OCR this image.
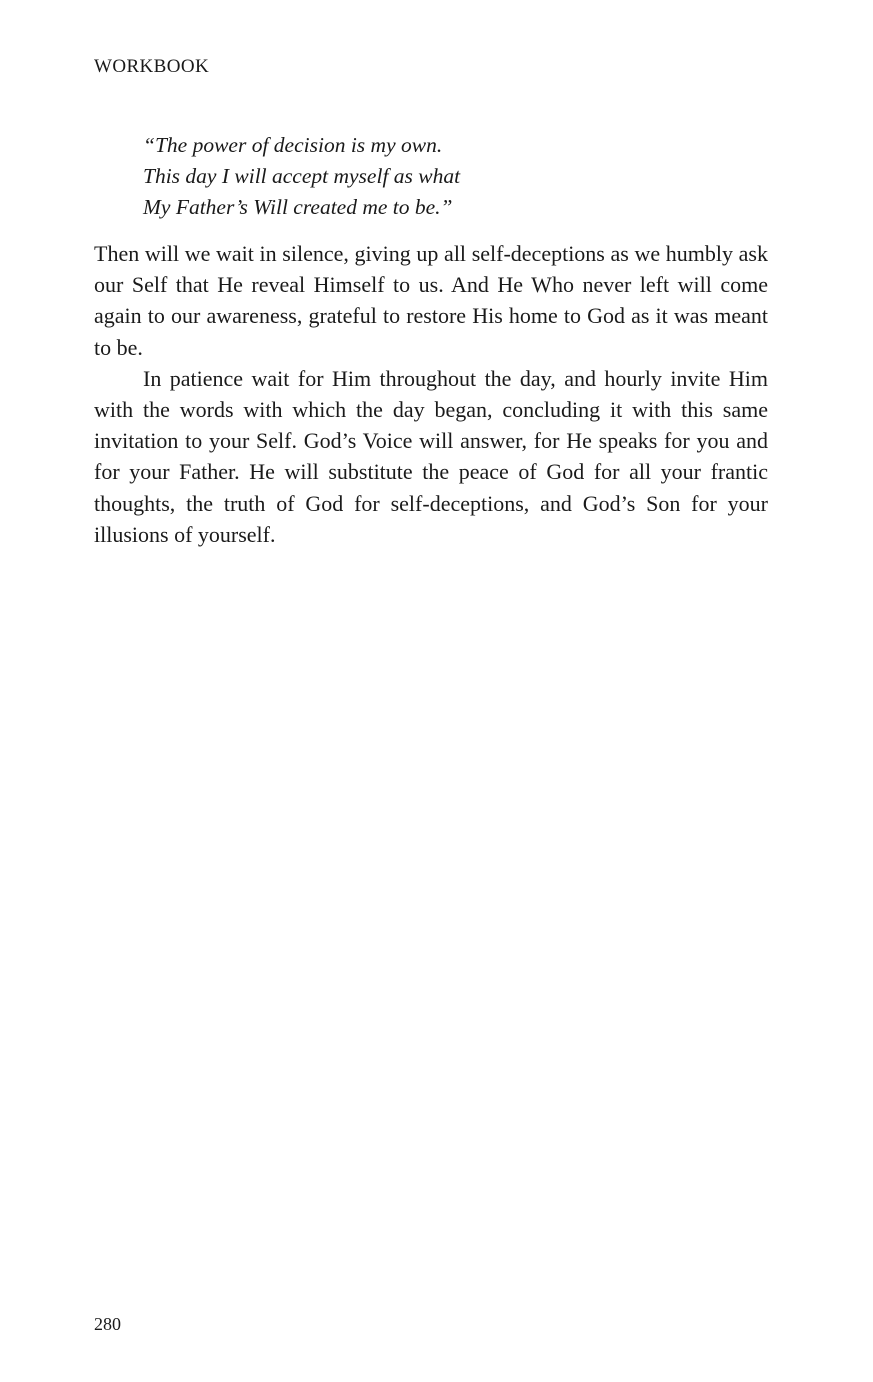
WORKBOOK
“The power of decision is my own.
This day I will accept myself as what
My Father’s Will created me to be.”

Then will we wait in silence, giving up all self-deceptions as we humbly ask our Self that He reveal Himself to us. And He Who never left will come again to our awareness, grateful to restore His home to God as it was meant to be.

In patience wait for Him throughout the day, and hourly invite Him with the words with which the day began, concluding it with this same invitation to your Self. God’s Voice will answer, for He speaks for you and for your Father. He will substitute the peace of God for all your frantic thoughts, the truth of God for self-deceptions, and God’s Son for your illusions of yourself.

280
